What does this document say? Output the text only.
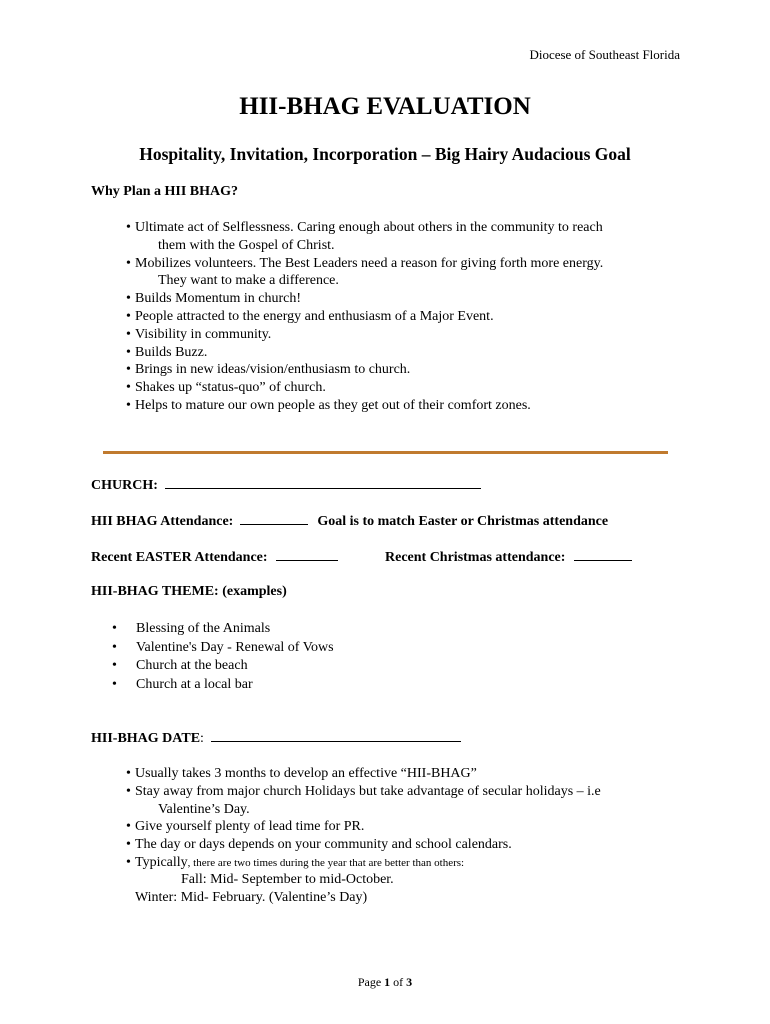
Diocese of Southeast Florida
HII-BHAG EVALUATION
Hospitality, Invitation, Incorporation – Big Hairy Audacious Goal
Why Plan a HII BHAG?
• Ultimate act of Selflessness. Caring enough about others in the community to reach
them with the Gospel of Christ.
• Mobilizes volunteers. The Best Leaders need a reason for giving forth more energy.
They want to make a difference.
• Builds Momentum in church!
• People attracted to the energy and enthusiasm of a Major Event.
• Visibility in community.
• Builds Buzz.
• Brings in new ideas/vision/enthusiasm to church.
• Shakes up “status-quo” of church.
• Helps to mature our own people as they get out of their comfort zones.
CHURCH:
HII BHAG Attendance:	Goal is to match Easter or Christmas attendance
Recent EASTER Attendance:	Recent Christmas attendance:
HII-BHAG THEME: (examples)
•	Blessing of the Animals
•	Valentine's Day - Renewal of Vows
•	Church at the beach
•	Church at a local bar
HII-BHAG DATE:
• Usually takes 3 months to develop an effective “HII-BHAG”
• Stay away from major church Holidays but take advantage of secular holidays – i.e
Valentine’s Day.
• Give yourself plenty of lead time for PR.
• The day or days depends on your community and school calendars.
• Typically, there are two times during the year that are better than others:
Fall: Mid- September to mid-October.
Winter: Mid- February. (Valentine’s Day)
Page 1 of 3
